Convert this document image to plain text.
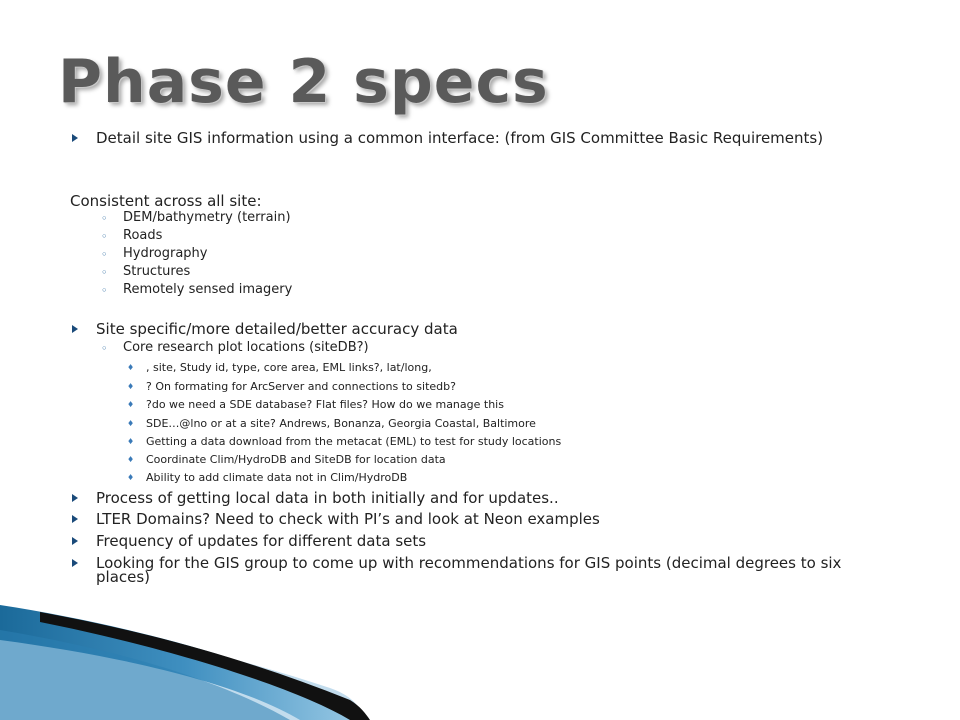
Phase 2 specs
Detail site GIS information using a common interface: (from GIS Committee Basic Requirements)
Consistent across all site:
◦ DEM/bathymetry (terrain)
◦ Roads
◦ Hydrography
◦ Structures
◦ Remotely sensed imagery
Site specific/more detailed/better accuracy data
◦ Core research plot locations (siteDB?)
♦ , site, Study id, type, core area, EML links?, lat/long,
♦ ? On formating for ArcServer and connections to sitedb?
♦ ?do we need a SDE database? Flat files? How do we manage this
♦ SDE…@lno or at a site? Andrews, Bonanza, Georgia Coastal, Baltimore
♦ Getting a data download from the metacat (EML) to test for study locations
♦ Coordinate Clim/HydroDB and SiteDB for location data
♦ Ability to add climate data not in Clim/HydroDB
Process of getting local data in both initially and for updates..
LTER Domains? Need to check with PI’s and look at Neon examples
Frequency of updates for different data sets
Looking for the GIS group to come up with recommendations for GIS points (decimal degrees to six places)
